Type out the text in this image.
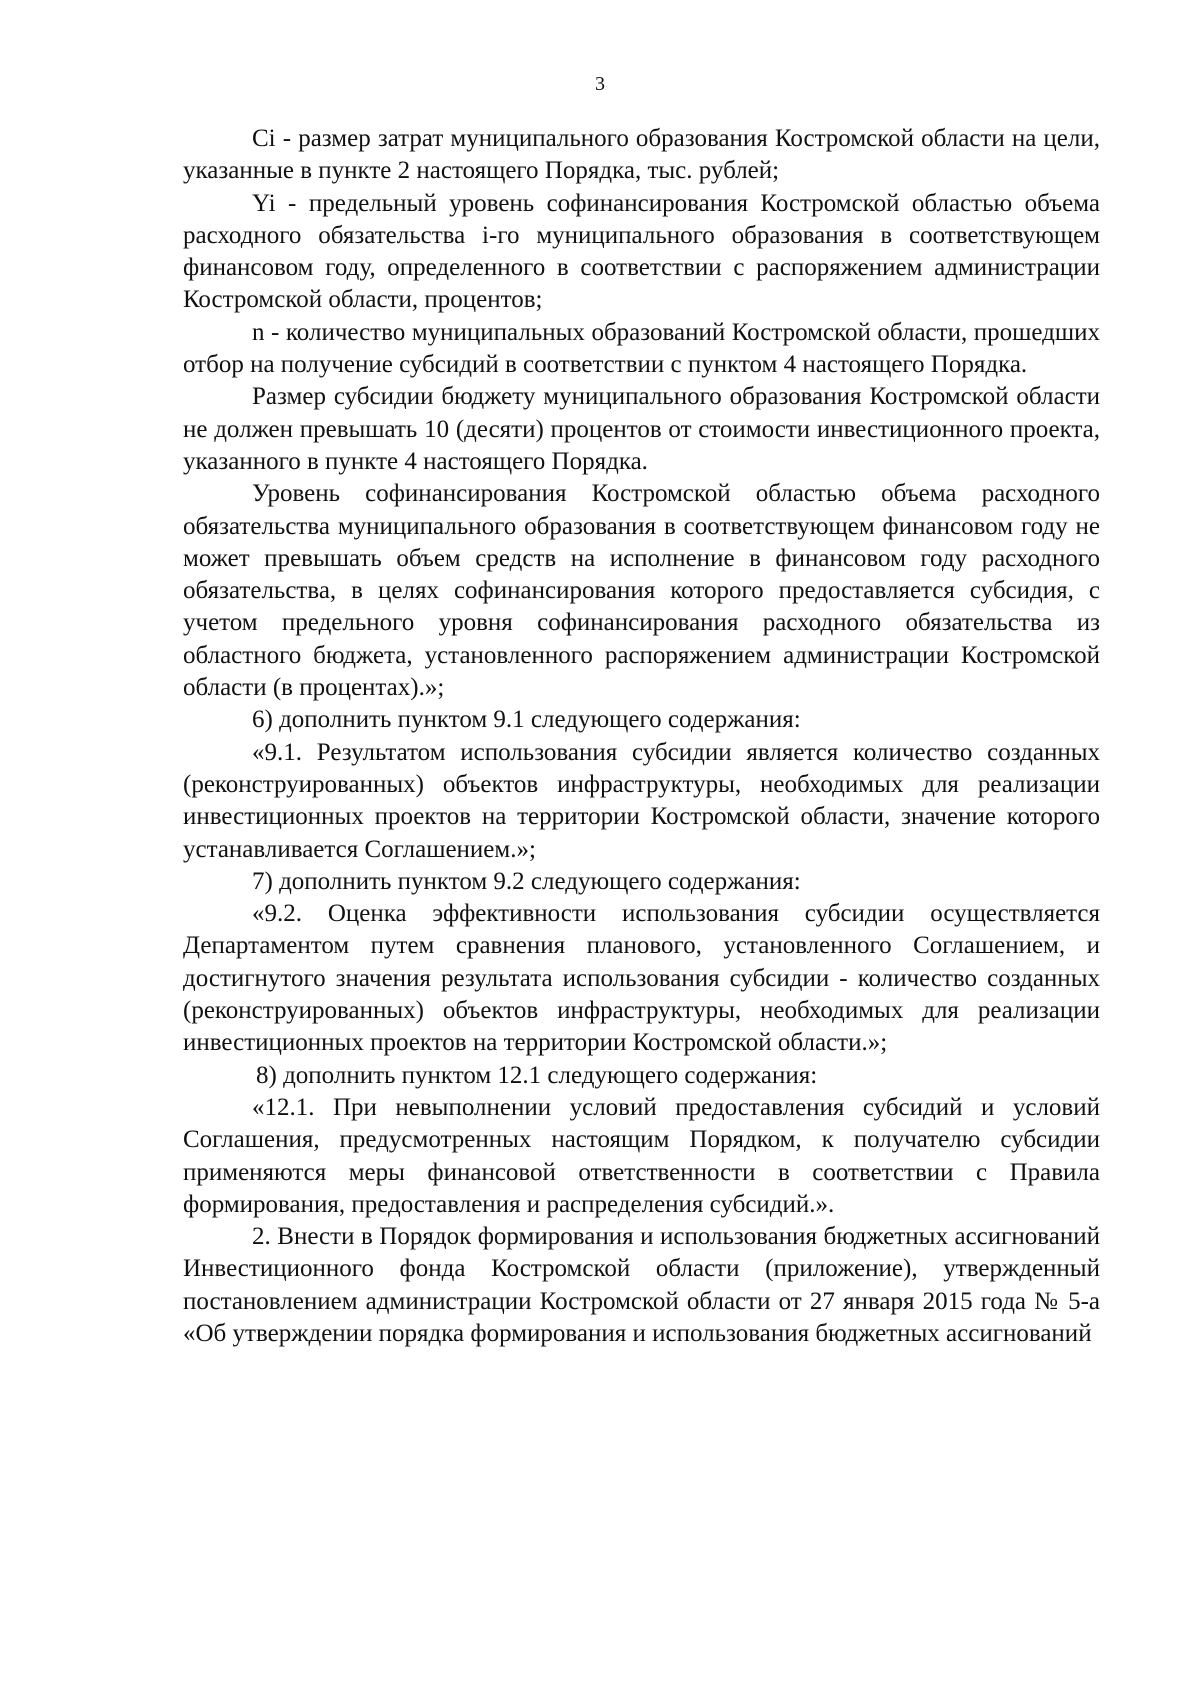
3

Ci - размер затрат муниципального образования Костромской области на цели, указанные в пункте 2 настоящего Порядка, тыс. рублей;

Yi - предельный уровень софинансирования Костромской областью объема расходного обязательства i-го муниципального образования в соответствующем финансовом году, определенного в соответствии с распоряжением администрации Костромской области, процентов;

n - количество муниципальных образований Костромской области, прошедших отбор на получение субсидий в соответствии с пунктом 4 настоящего Порядка.

Размер субсидии бюджету муниципального образования Костромской области не должен превышать 10 (десяти) процентов от стоимости инвестиционного проекта, указанного в пункте 4 настоящего Порядка.

Уровень софинансирования Костромской областью объема расходного обязательства муниципального образования в соответствующем финансовом году не может превышать объем средств на исполнение в финансовом году расходного обязательства, в целях софинансирования которого предоставляется субсидия, с учетом предельного уровня софинансирования расходного обязательства из областного бюджета, установленного распоряжением администрации Костромской области (в процентах).»;

6) дополнить пунктом 9.1 следующего содержания:

«9.1. Результатом использования субсидии является количество созданных (реконструированных) объектов инфраструктуры, необходимых для реализации инвестиционных проектов на территории Костромской области, значение которого устанавливается Соглашением.»;

7) дополнить пунктом 9.2 следующего содержания:

«9.2. Оценка эффективности использования субсидии осуществляется Департаментом путем сравнения планового, установленного Соглашением, и достигнутого значения результата использования субсидии - количество созданных (реконструированных) объектов инфраструктуры, необходимых для реализации инвестиционных проектов на территории Костромской области.»;

8) дополнить пунктом 12.1 следующего содержания:

«12.1. При невыполнении условий предоставления субсидий и условий Соглашения, предусмотренных настоящим Порядком, к получателю субсидии применяются меры финансовой ответственности в соответствии с Правила формирования, предоставления и распределения субсидий.».

2. Внести в Порядок формирования и использования бюджетных ассигнований Инвестиционного фонда Костромской области (приложение), утвержденный постановлением администрации Костромской области от 27 января 2015 года № 5-а «Об утверждении порядка формирования и использования бюджетных ассигнований
